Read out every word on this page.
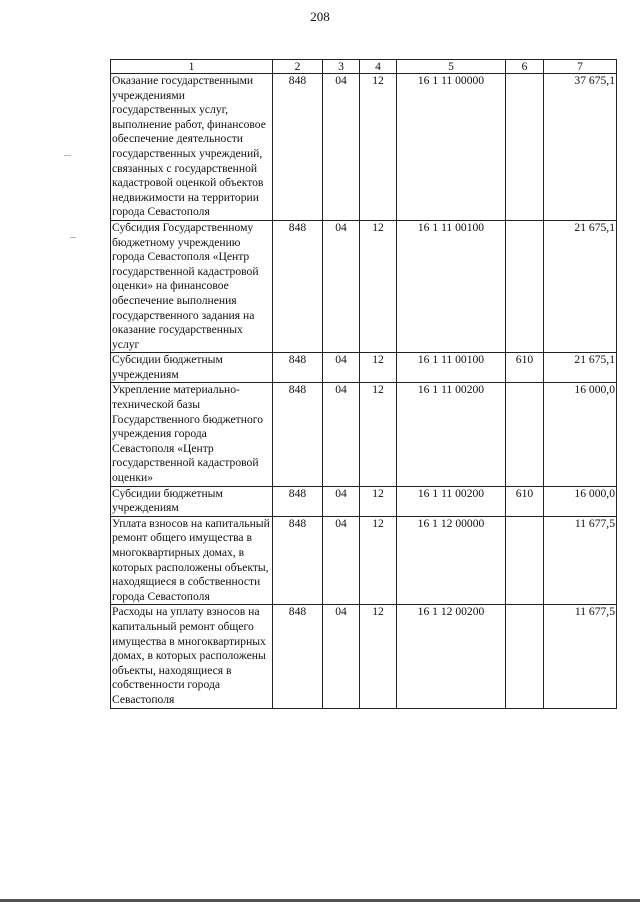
208
1	2	3	4	5	6	7
Оказание государственными учреждениями государственных услуг, выполнение работ, финансовое обеспечение деятельности государственных учреждений, связанных с государственной кадастровой оценкой объектов недвижимости на территории города Севастополя	848	04	12	16 1 11 00000		37 675,1
Субсидия Государственному бюджетному учреждению города Севастополя «Центр государственной кадастровой оценки» на финансовое обеспечение выполнения государственного задания на оказание государственных услуг	848	04	12	16 1 11 00100		21 675,1
Субсидии бюджетным учреждениям	848	04	12	16 1 11 00100	610	21 675,1
Укрепление материально-технической базы Государственного бюджетного учреждения города Севастополя «Центр государственной кадастровой оценки»	848	04	12	16 1 11 00200		16 000,0
Субсидии бюджетным учреждениям	848	04	12	16 1 11 00200	610	16 000,0
Уплата взносов на капитальный ремонт общего имущества в многоквартирных домах, в которых расположены объекты, находящиеся в собственности города Севастополя	848	04	12	16 1 12 00000		11 677,5
Расходы на уплату взносов на капитальный ремонт общего имущества в многоквартирных домах, в которых расположены объекты, находящиеся в собственности города Севастополя	848	04	12	16 1 12 00200		11 677,5
